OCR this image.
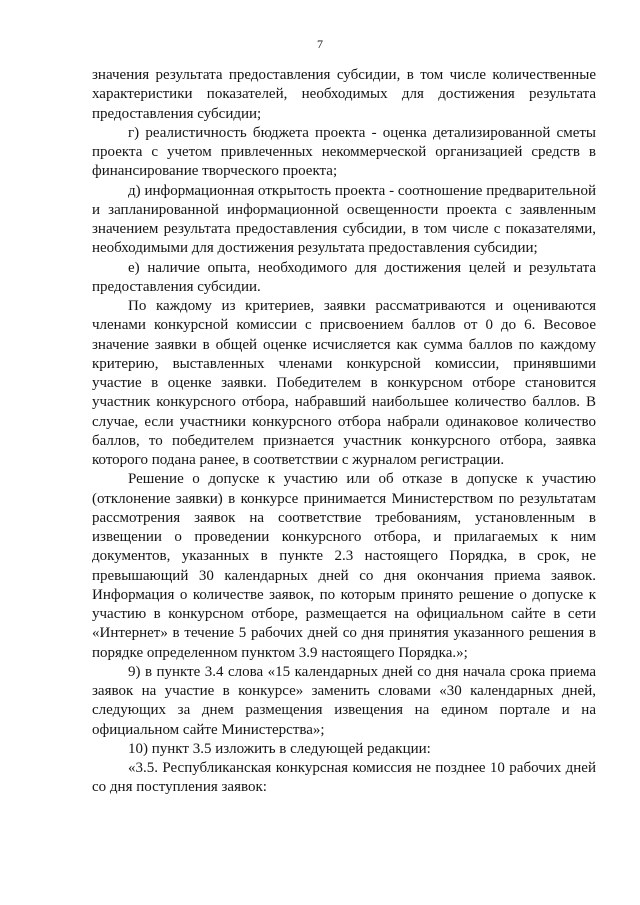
7

значения результата предоставления субсидии, в том числе количественные характеристики показателей, необходимых для достижения результата предоставления субсидии;

г) реалистичность бюджета проекта - оценка детализированной сметы проекта с учетом привлеченных некоммерческой организацией средств в финансирование творческого проекта;

д) информационная открытость проекта - соотношение предварительной и запланированной информационной освещенности проекта с заявленным значением результата предоставления субсидии, в том числе с показателями, необходимыми для достижения результата предоставления субсидии;

е) наличие опыта, необходимого для достижения целей и результата предоставления субсидии.

По каждому из критериев, заявки рассматриваются и оцениваются членами конкурсной комиссии с присвоением баллов от 0 до 6. Весовое значение заявки в общей оценке исчисляется как сумма баллов по каждому критерию, выставленных членами конкурсной комиссии, принявшими участие в оценке заявки. Победителем в конкурсном отборе становится участник конкурсного отбора, набравший наибольшее количество баллов. В случае, если участники конкурсного отбора набрали одинаковое количество баллов, то победителем признается участник конкурсного отбора, заявка которого подана ранее, в соответствии с журналом регистрации.

Решение о допуске к участию или об отказе в допуске к участию (отклонение заявки) в конкурсе принимается Министерством по результатам рассмотрения заявок на соответствие требованиям, установленным в извещении о проведении конкурсного отбора, и прилагаемых к ним документов, указанных в пункте 2.3 настоящего Порядка, в срок, не превышающий 30 календарных дней со дня окончания приема заявок. Информация о количестве заявок, по которым принято решение о допуске к участию в конкурсном отборе, размещается на официальном сайте в сети «Интернет» в течение 5 рабочих дней со дня принятия указанного решения в порядке определенном пунктом 3.9 настоящего Порядка.»;

9) в пункте 3.4 слова «15 календарных дней со дня начала срока приема заявок на участие в конкурсе» заменить словами «30 календарных дней, следующих за днем размещения извещения на едином портале и на официальном сайте Министерства»;

10) пункт 3.5 изложить в следующей редакции:

«3.5. Республиканская конкурсная комиссия не позднее 10 рабочих дней со дня поступления заявок:
